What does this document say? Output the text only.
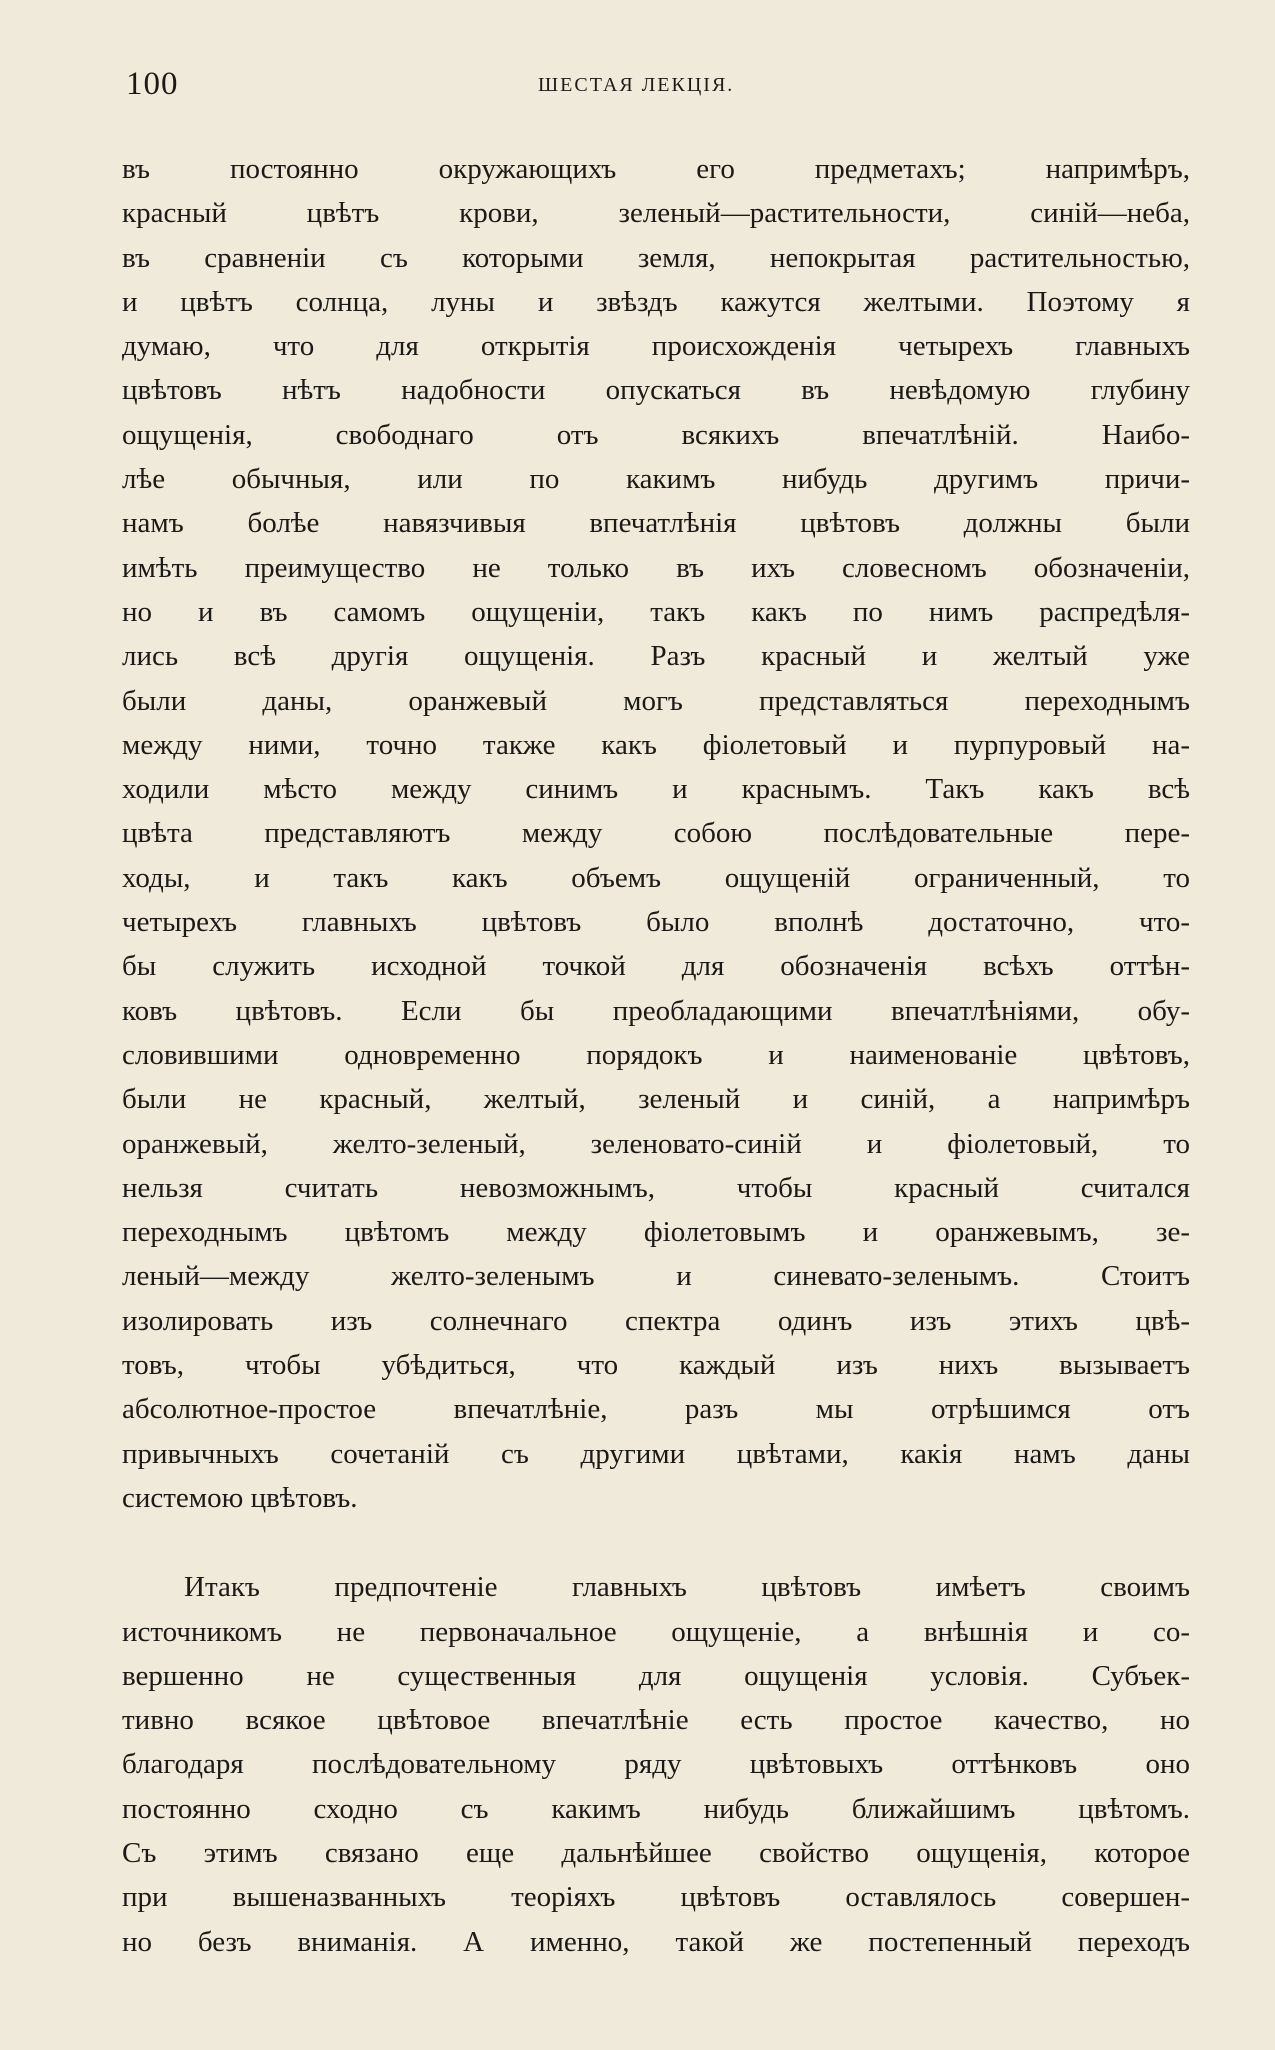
100	ШЕСТАЯ ЛЕКЦІЯ.
въ постоянно окружающихъ его предметахъ; напримѣръ,
красный цвѣтъ крови, зеленый—растительности, синій—неба,
въ сравненіи съ которыми земля, непокрытая растительностью,
и цвѣтъ солнца, луны и звѣздъ кажутся желтыми. Поэтому я
думаю, что для открытія происхожденія четырехъ главныхъ
цвѣтовъ нѣтъ надобности опускаться въ невѣдомую глубину
ощущенія, свободнаго отъ всякихъ впечатлѣній. Наибо-
лѣе обычныя, или по какимъ нибудь другимъ причи-
намъ болѣе навязчивыя впечатлѣнія цвѣтовъ должны были
имѣть преимущество не только въ ихъ словесномъ обозначеніи,
но и въ самомъ ощущеніи, такъ какъ по нимъ распредѣля-
лись всѣ другія ощущенія. Разъ красный и желтый уже
были даны, оранжевый могъ представляться переходнымъ
между ними, точно также какъ фіолетовый и пурпуровый на-
ходили мѣсто между синимъ и краснымъ. Такъ какъ всѣ
цвѣта представляютъ между собою послѣдовательные пере-
ходы, и такъ какъ объемъ ощущеній ограниченный, то
четырехъ главныхъ цвѣтовъ было вполнѣ достаточно, что-
бы служить исходной точкой для обозначенія всѣхъ оттѣн-
ковъ цвѣтовъ. Если бы преобладающими впечатлѣніями, обу-
словившими одновременно порядокъ и наименованіе цвѣтовъ,
были не красный, желтый, зеленый и синій, а напримѣръ
оранжевый, желто-зеленый, зеленовато-синій и фіолетовый, то
нельзя считать невозможнымъ, чтобы красный считался
переходнымъ цвѣтомъ между фіолетовымъ и оранжевымъ, зе-
леный—между желто-зеленымъ и синевато-зеленымъ. Стоитъ
изолировать изъ солнечнаго спектра одинъ изъ этихъ цвѣ-
товъ, чтобы убѣдиться, что каждый изъ нихъ вызываетъ
абсолютное-простое впечатлѣніе, разъ мы отрѣшимся отъ
привычныхъ сочетаній съ другими цвѣтами, какія намъ даны
системою цвѣтовъ.
Итакъ предпочтеніе главныхъ цвѣтовъ имѣетъ своимъ
источникомъ не первоначальное ощущеніе, а внѣшнія и со-
вершенно не существенныя для ощущенія условія. Субъек-
тивно всякое цвѣтовое впечатлѣніе есть простое качество, но
благодаря послѣдовательному ряду цвѣтовыхъ оттѣнковъ оно
постоянно сходно съ какимъ нибудь ближайшимъ цвѣтомъ.
Съ этимъ связано еще дальнѣйшее свойство ощущенія, которое
при вышеназванныхъ теоріяхъ цвѣтовъ оставлялось совершен-
но безъ вниманія. А именно, такой же постепенный переходъ
